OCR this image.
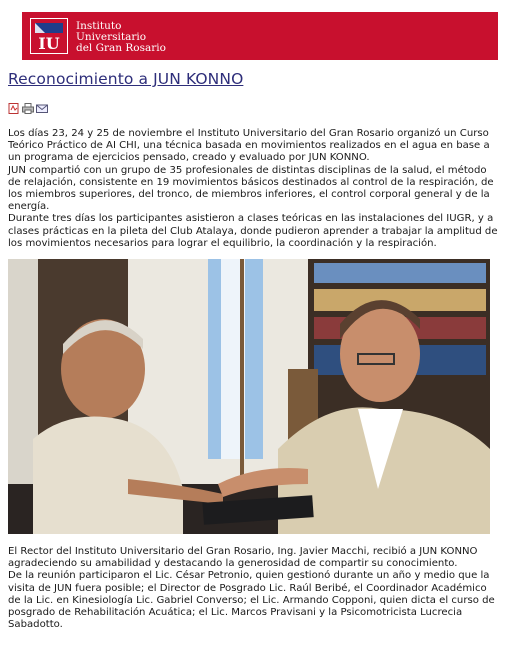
IU
Instituto
Universitario
del Gran Rosario
Reconocimiento a JUN KONNO

Los días 23, 24 y 25 de noviembre el Instituto Universitario del Gran Rosario organizó un Curso Teórico Práctico de AI CHI, una técnica basada en movimientos realizados en el agua en base a un programa de ejercicios pensado, creado y evaluado por JUN KONNO.

JUN compartió con un grupo de 35 profesionales de distintas disciplinas de la salud, el método de relajación, consistente en 19 movimientos básicos destinados al control de la respiración, de los miembros superiores, del tronco, de miembros inferiores, el control corporal general y de la energía.

Durante tres días los participantes asistieron a clases teóricas en las instalaciones del IUGR, y a clases prácticas en la pileta del Club Atalaya, donde pudieron aprender a trabajar la amplitud de los movimientos necesarios para lograr el equilibrio, la coordinación y la respiración.

El Rector del Instituto Universitario del Gran Rosario, Ing. Javier Macchi, recibió a JUN KONNO agradeciendo su amabilidad y destacando la generosidad de compartir su conocimiento.

De la reunión participaron el Lic. César Petronio, quien gestionó durante un año y medio que la visita de JUN fuera posible; el Director de Posgrado Lic. Raúl Beribé, el Coordinador Académico de la Lic. en Kinesiología Lic. Gabriel Converso; el Lic. Armando Copponi, quien dicta el curso de posgrado de Rehabilitación Acuática; el Lic. Marcos Pravisani y la Psicomotricista Lucrecia Sabadotto.
